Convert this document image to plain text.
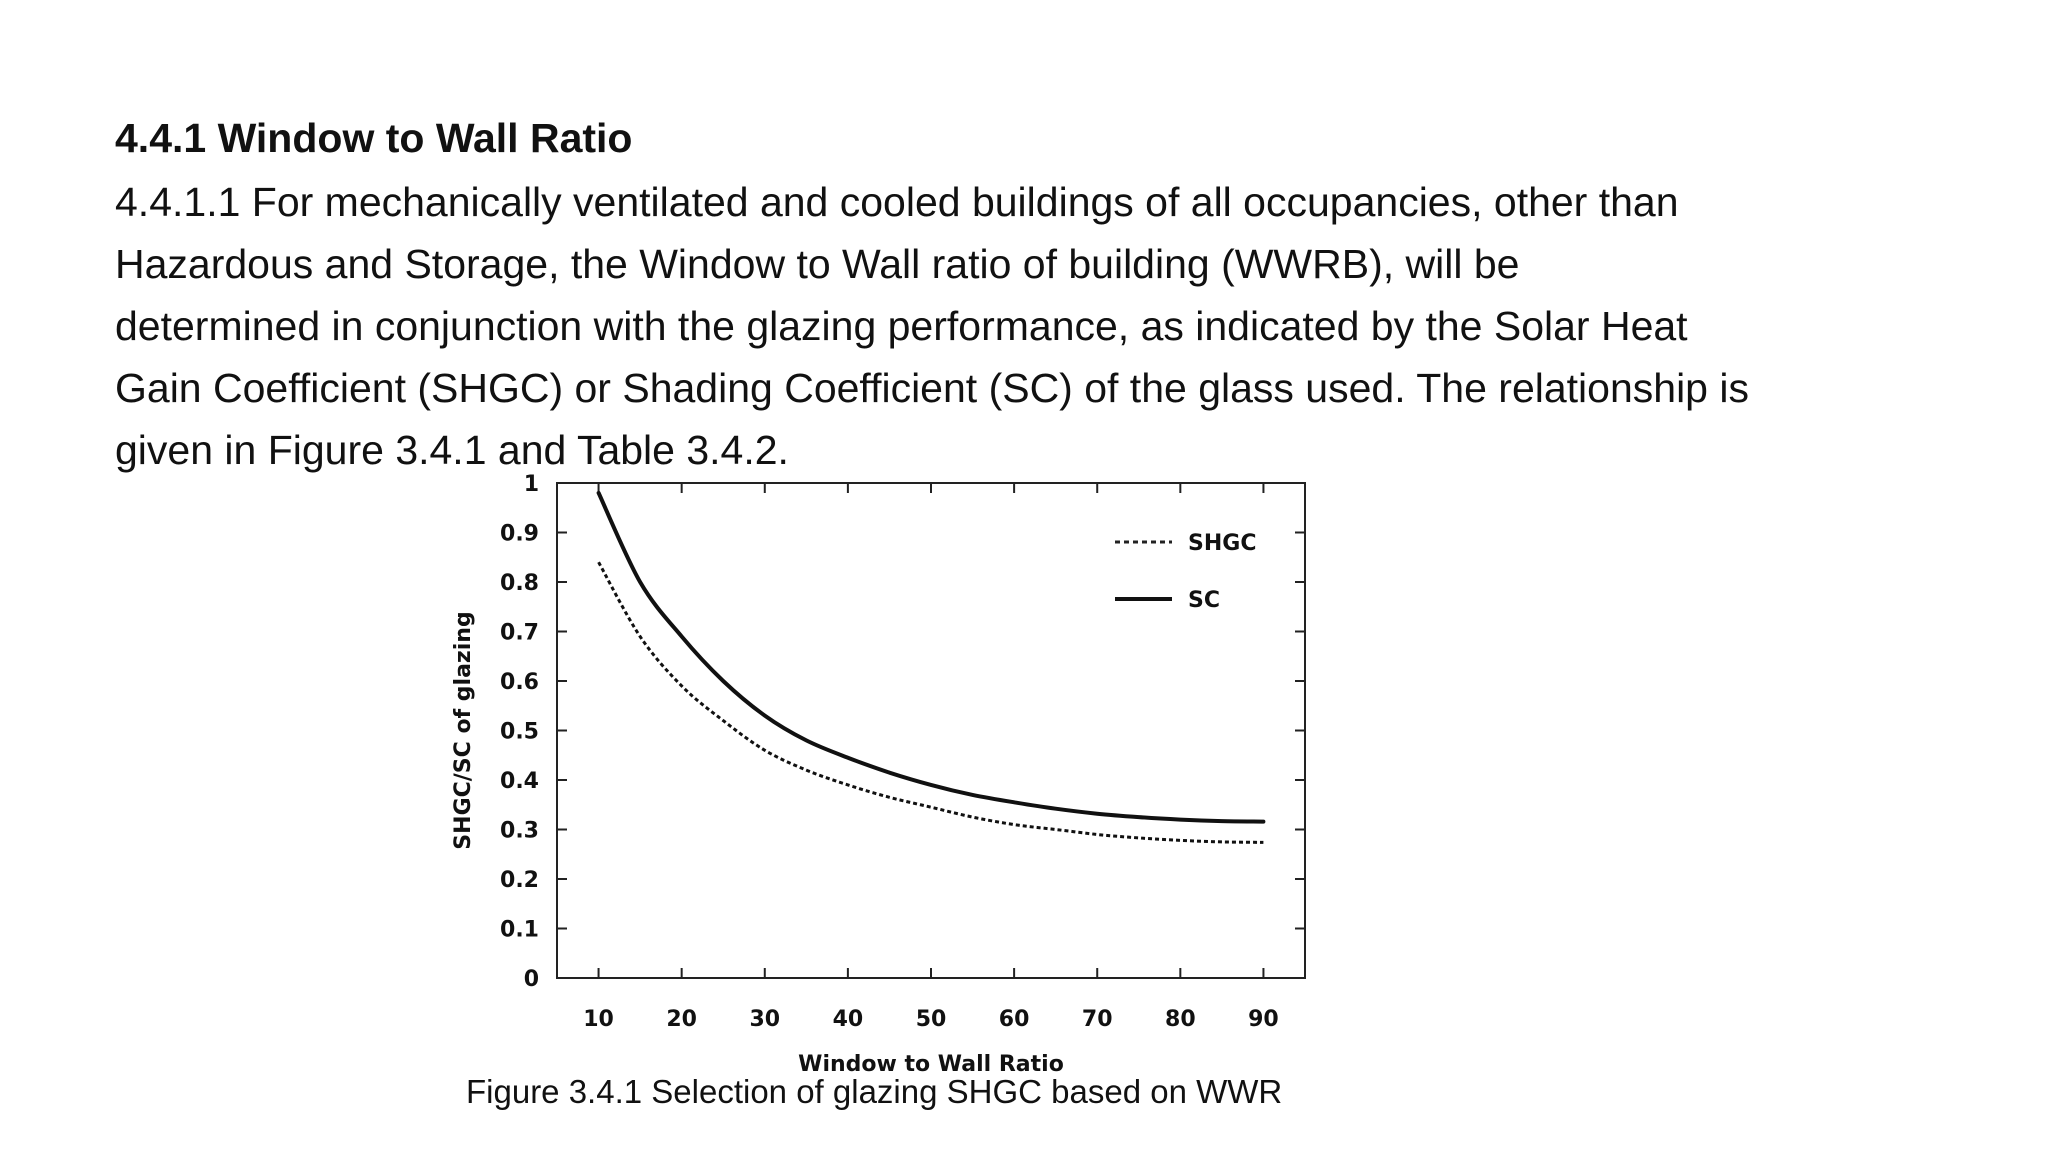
4.4.1 Window to Wall Ratio

4.4.1.1 For mechanically ventilated and cooled buildings of all occupancies, other than
Hazardous and Storage, the Window to Wall ratio of building (WWRB), will be
determined in conjunction with the glazing performance, as indicated by the Solar Heat
Gain Coefficient (SHGC) or Shading Coefficient (SC) of the glass used. The relationship is
given in Figure 3.4.1 and Table 3.4.2.

0
0.1
0.2
0.3
0.4
0.5
0.6
0.7
0.8
0.9
1
10 20 30 40 50 60 70 80 90
Window to Wall Ratio
SHGC/SC of glazing
SHGC
SC

Figure 3.4.1 Selection of glazing SHGC based on WWR
